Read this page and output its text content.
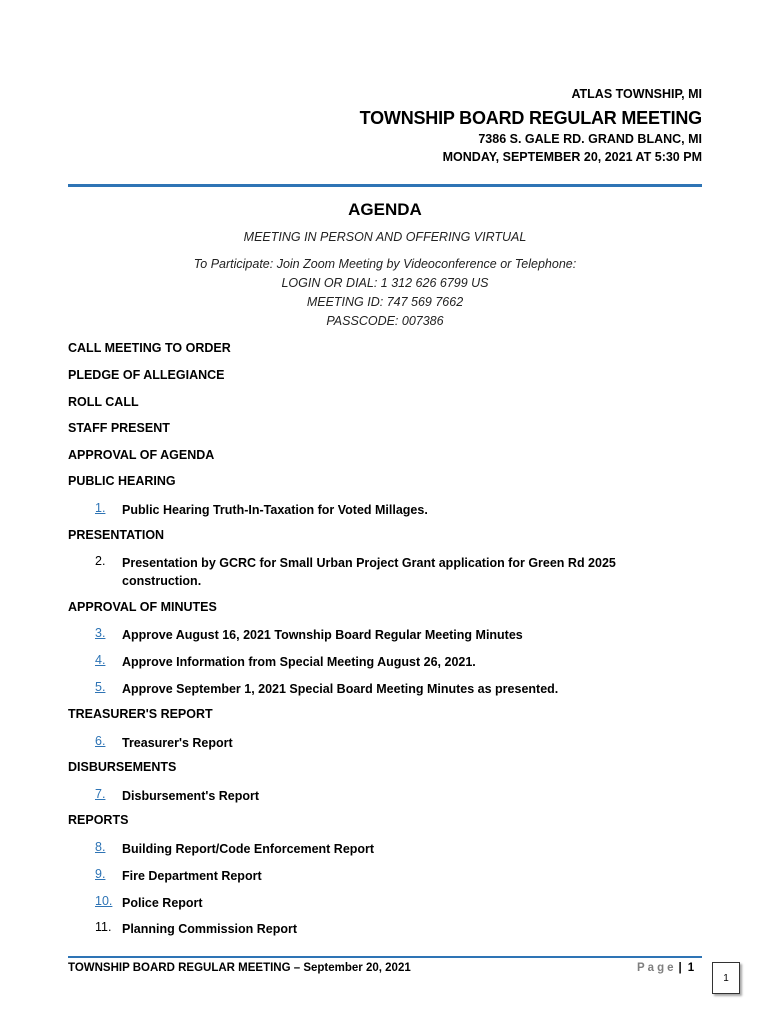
ATLAS TOWNSHIP, MI
TOWNSHIP BOARD REGULAR MEETING
7386 S. GALE RD. GRAND BLANC, MI
MONDAY, SEPTEMBER 20, 2021 AT 5:30 PM
AGENDA
MEETING IN PERSON AND OFFERING VIRTUAL
To Participate: Join Zoom Meeting by Videoconference or Telephone:
LOGIN OR DIAL: 1 312 626 6799 US
MEETING ID: 747 569 7662
PASSCODE: 007386
CALL MEETING TO ORDER
PLEDGE OF ALLEGIANCE
ROLL CALL
STAFF PRESENT
APPROVAL OF AGENDA
PUBLIC HEARING
1.	Public Hearing Truth-In-Taxation for Voted Millages.
PRESENTATION
2.	Presentation by GCRC for Small Urban Project Grant application for Green Rd 2025 construction.
APPROVAL OF MINUTES
3.	Approve August 16, 2021 Township Board Regular Meeting Minutes
4.	Approve Information from Special Meeting August 26, 2021.
5.	Approve September 1, 2021 Special Board Meeting Minutes as presented.
TREASURER'S REPORT
6.	Treasurer's Report
DISBURSEMENTS
7.	Disbursement's Report
REPORTS
8.	Building Report/Code Enforcement Report
9.	Fire Department Report
10. Police Report
11. Planning Commission Report
TOWNSHIP BOARD REGULAR MEETING – September 20, 2021	Page | 1
1
